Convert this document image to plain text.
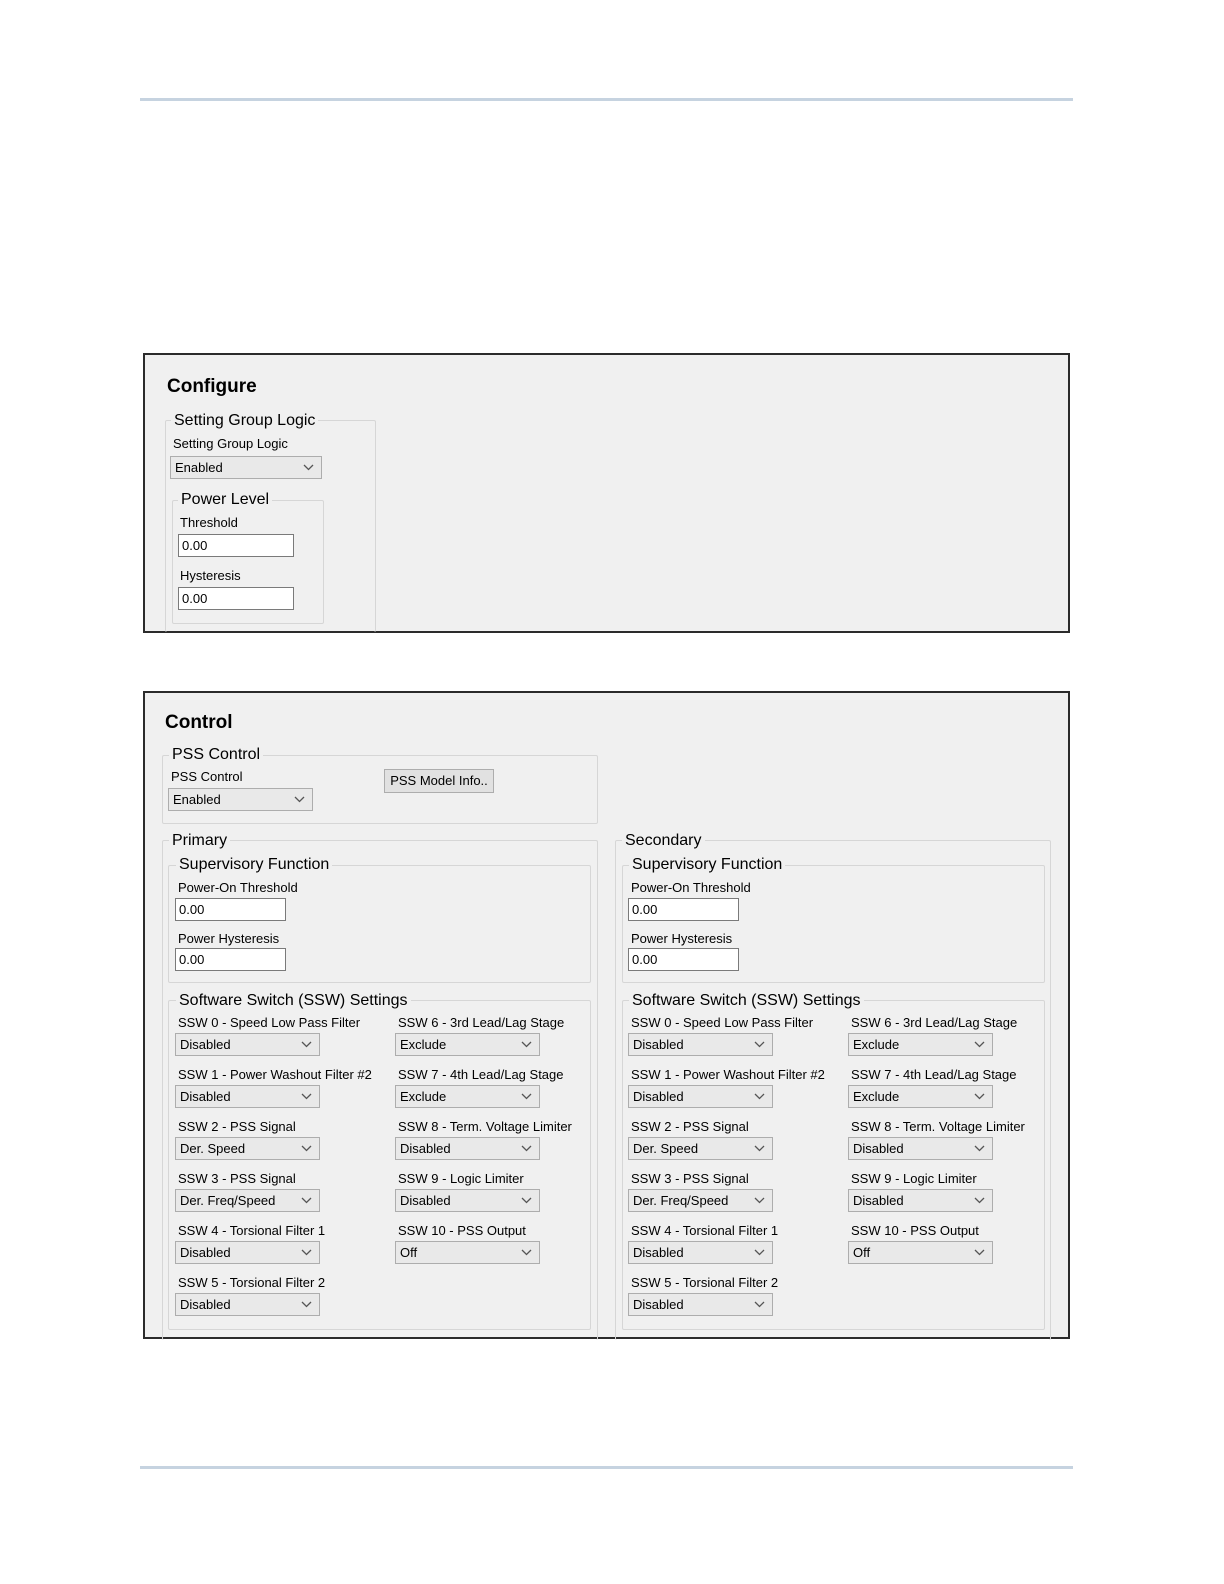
Configure
Setting Group Logic
Setting Group Logic
Enabled
Power Level
Threshold
0.00
Hysteresis
0.00
Control
PSS Control
PSS Control
Enabled
PSS Model Info..
Primary
Supervisory Function
Power-On Threshold
0.00
Power Hysteresis
0.00
Software Switch (SSW) Settings
SSW 0 - Speed Low Pass Filter
Disabled
SSW 1 - Power Washout Filter #2
Disabled
SSW 2 - PSS Signal
Der. Speed
SSW 3 - PSS Signal
Der. Freq/Speed
SSW 4 - Torsional Filter 1
Disabled
SSW 5 - Torsional Filter 2
Disabled
SSW 6 - 3rd Lead/Lag Stage
Exclude
SSW 7 - 4th Lead/Lag Stage
Exclude
SSW 8 - Term. Voltage Limiter
Disabled
SSW 9 - Logic Limiter
Disabled
SSW 10 - PSS Output
Off
Secondary
Supervisory Function
Power-On Threshold
0.00
Power Hysteresis
0.00
Software Switch (SSW) Settings
SSW 0 - Speed Low Pass Filter
Disabled
SSW 1 - Power Washout Filter #2
Disabled
SSW 2 - PSS Signal
Der. Speed
SSW 3 - PSS Signal
Der. Freq/Speed
SSW 4 - Torsional Filter 1
Disabled
SSW 5 - Torsional Filter 2
Disabled
SSW 6 - 3rd Lead/Lag Stage
Exclude
SSW 7 - 4th Lead/Lag Stage
Exclude
SSW 8 - Term. Voltage Limiter
Disabled
SSW 9 - Logic Limiter
Disabled
SSW 10 - PSS Output
Off
